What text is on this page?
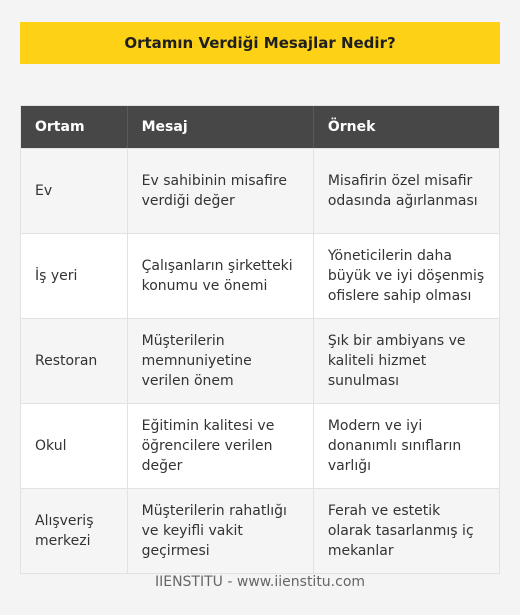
Ortamın Verdiği Mesajlar Nedir?
Ortam	Mesaj	Örnek
Ev
Ev sahibinin misafire verdiği değer
Misafirin özel misafir odasında ağırlanması
İş yeri
Çalışanların şirketteki konumu ve önemi
Yöneticilerin daha büyük ve iyi döşenmiş ofislere sahip olması
Restoran
Müşterilerin memnuniyetine verilen önem
Şık bir ambiyans ve kaliteli hizmet sunulması
Okul
Eğitimin kalitesi ve öğrencilere verilen değer
Modern ve iyi donanımlı sınıfların varlığı
Alışveriş merkezi
Müşterilerin rahatlığı ve keyifli vakit geçirmesi
Ferah ve estetik olarak tasarlanmış iç mekanlar
IIENSTITU - www.iienstitu.com
